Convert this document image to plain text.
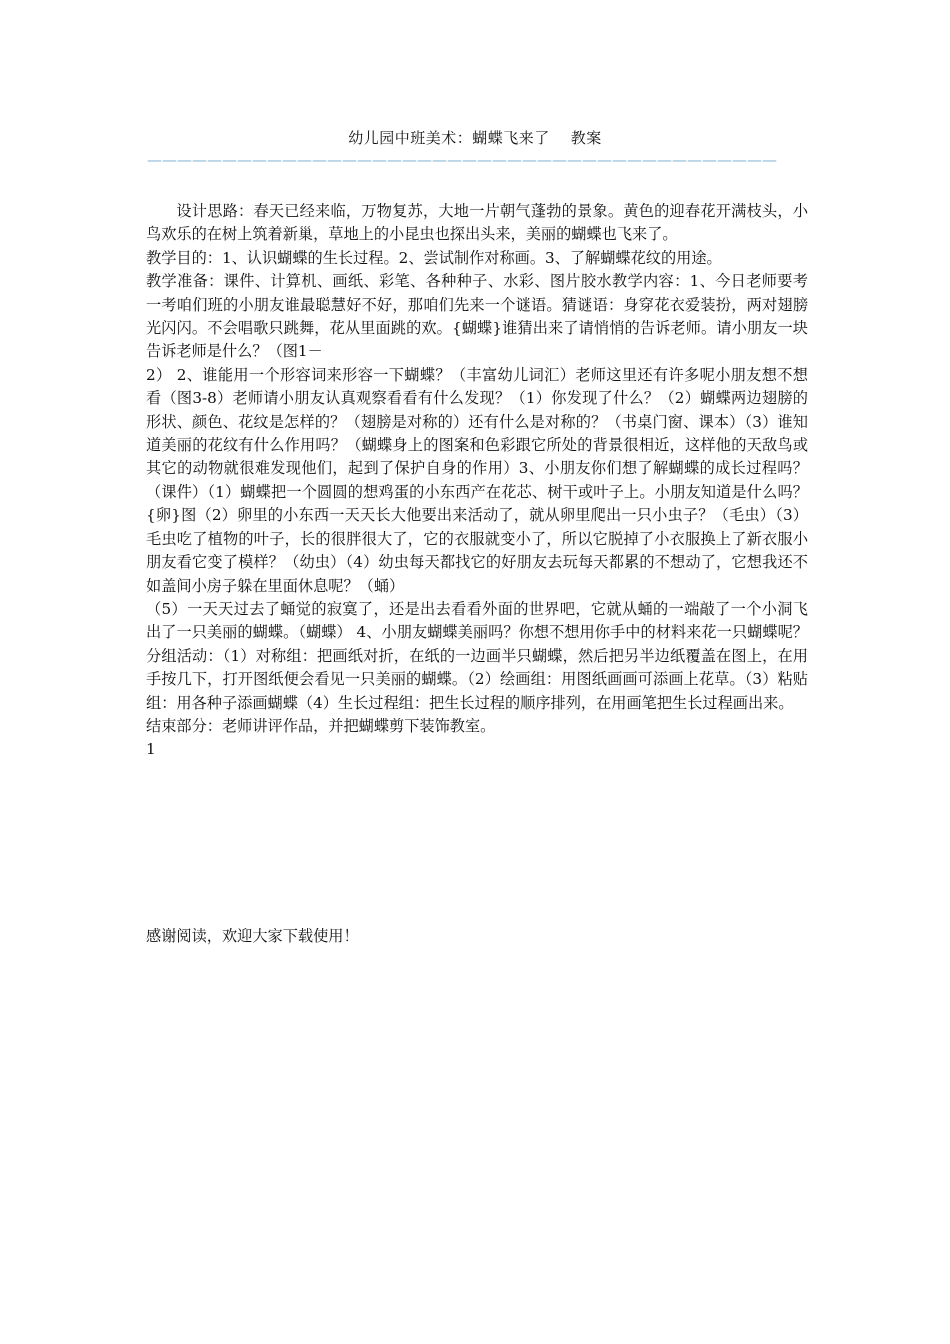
幼儿园中班美术：蝴蝶飞来了    教案
——————————————————————————————————————————

设计思路：春天已经来临，万物复苏，大地一片朝气蓬勃的景象。黄色的迎春花开满枝头，小鸟欢乐的在树上筑着新巢，草地上的小昆虫也探出头来，美丽的蝴蝶也飞来了。

教学目的：1、认识蝴蝶的生长过程。2、尝试制作对称画。3、了解蝴蝶花纹的用途。

教学准备：课件、计算机、画纸、彩笔、各种种子、水彩、图片胶水教学内容：1、今日老师要考一考咱们班的小朋友谁最聪慧好不好，那咱们先来一个谜语。猜谜语：身穿花衣爱装扮，两对翅膀光闪闪。不会唱歌只跳舞，花从里面跳的欢。{蝴蝶}谁猜出来了请悄悄的告诉老师。请小朋友一块告诉老师是什么？（图1－

2） 2、谁能用一个形容词来形容一下蝴蝶？（丰富幼儿词汇）老师这里还有许多呢小朋友想不想看（图3-8）老师请小朋友认真观察看看有什么发现？（1）你发现了什么？（2）蝴蝶两边翅膀的形状、颜色、花纹是怎样的？（翅膀是对称的）还有什么是对称的？（书桌门窗、课本）（3）谁知道美丽的花纹有什么作用吗？（蝴蝶身上的图案和色彩跟它所处的背景很相近，这样他的天敌鸟或其它的动物就很难发现他们，起到了保护自身的作用）3、小朋友你们想了解蝴蝶的成长过程吗？（课件）（1）蝴蝶把一个圆圆的想鸡蛋的小东西产在花芯、树干或叶子上。小朋友知道是什么吗？{卵}图（2）卵里的小东西一天天长大他要出来活动了，就从卵里爬出一只小虫子？（毛虫）（3）毛虫吃了植物的叶子，长的很胖很大了，它的衣服就变小了，所以它脱掉了小衣服换上了新衣服小朋友看它变了模样？（幼虫）（4）幼虫每天都找它的好朋友去玩每天都累的不想动了，它想我还不如盖间小房子躲在里面休息呢？（蛹）

（5）一天天过去了蛹觉的寂寞了，还是出去看看外面的世界吧，它就从蛹的一端敲了一个小洞飞出了一只美丽的蝴蝶。（蝴蝶） 4、小朋友蝴蝶美丽吗？你想不想用你手中的材料来花一只蝴蝶呢？分组活动：（1）对称组：把画纸对折，在纸的一边画半只蝴蝶，然后把另半边纸覆盖在图上，在用手按几下，打开图纸便会看见一只美丽的蝴蝶。（2）绘画组：用图纸画画可添画上花草。（3）粘贴组：用各种子添画蝴蝶（4）生长过程组：把生长过程的顺序排列，在用画笔把生长过程画出来。

结束部分：老师讲评作品，并把蝴蝶剪下装饰教室。

1

感谢阅读，欢迎大家下载使用！
